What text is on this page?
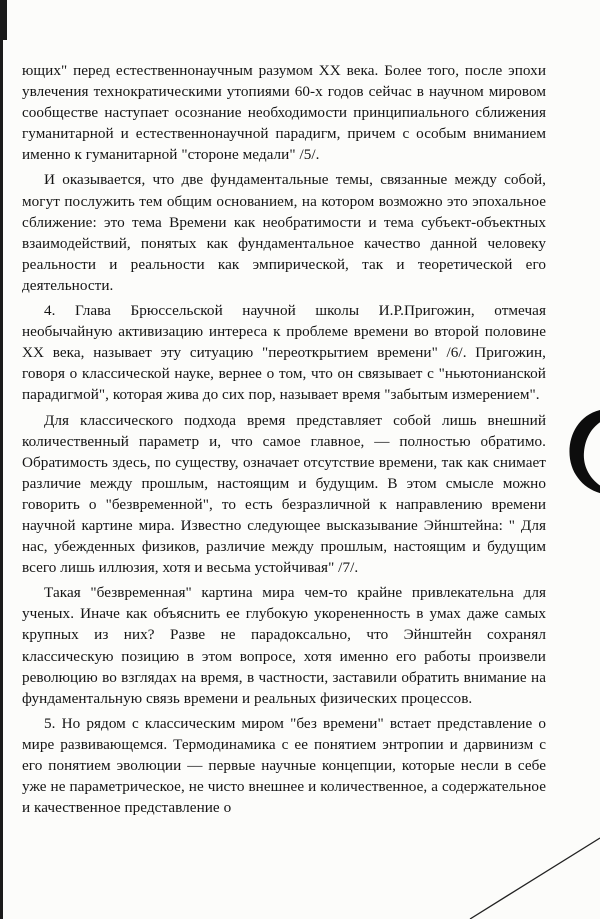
ющих" перед естественнонаучным разумом XX века. Более того, после эпохи увлечения технократическими утопиями 60-х годов сейчас в научном мировом сообществе наступает осознание необходимости принципиального сближения гуманитарной и естественнонаучной парадигм, причем с особым вниманием именно к гуманитарной "стороне медали" /5/.

И оказывается, что две фундаментальные темы, связанные между собой, могут послужить тем общим основанием, на котором возможно это эпохальное сближение: это тема Времени как необратимости и тема субъект-объектных взаимодействий, понятых как фундаментальное качество данной человеку реальности и реальности как эмпирической, так и теоретической его деятельности.

4. Глава Брюссельской научной школы И.Р.Пригожин, отмечая необычайную активизацию интереса к проблеме времени во второй половине XX века, называет эту ситуацию "переоткрытием времени" /6/. Пригожин, говоря о классической науке, вернее о том, что он связывает с "ньютонианской парадигмой", которая жива до сих пор, называет время "забытым измерением".

Для классического подхода время представляет собой лишь внешний количественный параметр и, что самое главное, — полностью обратимо. Обратимость здесь, по существу, означает отсутствие времени, так как снимает различие между прошлым, настоящим и будущим. В этом смысле можно говорить о "безвременной", то есть безразличной к направлению времени научной картине мира. Известно следующее высказывание Эйнштейна: " Для нас, убежденных физиков, различие между прошлым, настоящим и будущим всего лишь иллюзия, хотя и весьма устойчивая" /7/.

Такая "безвременная" картина мира чем-то крайне привлекательна для ученых. Иначе как объяснить ее глубокую укорененность в умах даже самых крупных из них? Разве не парадоксально, что Эйнштейн сохранял классическую позицию в этом вопросе, хотя именно его работы произвели революцию во взглядах на время, в частности, заставили обратить внимание на фундаментальную связь времени и реальных физических процессов.

5. Но рядом с классическим миром "без времени" встает представление о мире развивающемся. Термодинамика с ее понятием энтропии и дарвинизм с его понятием эволюции — первые научные концепции, которые несли в себе уже не параметрическое, не чисто внешнее и количественное, а содержательное и качественное представление о
